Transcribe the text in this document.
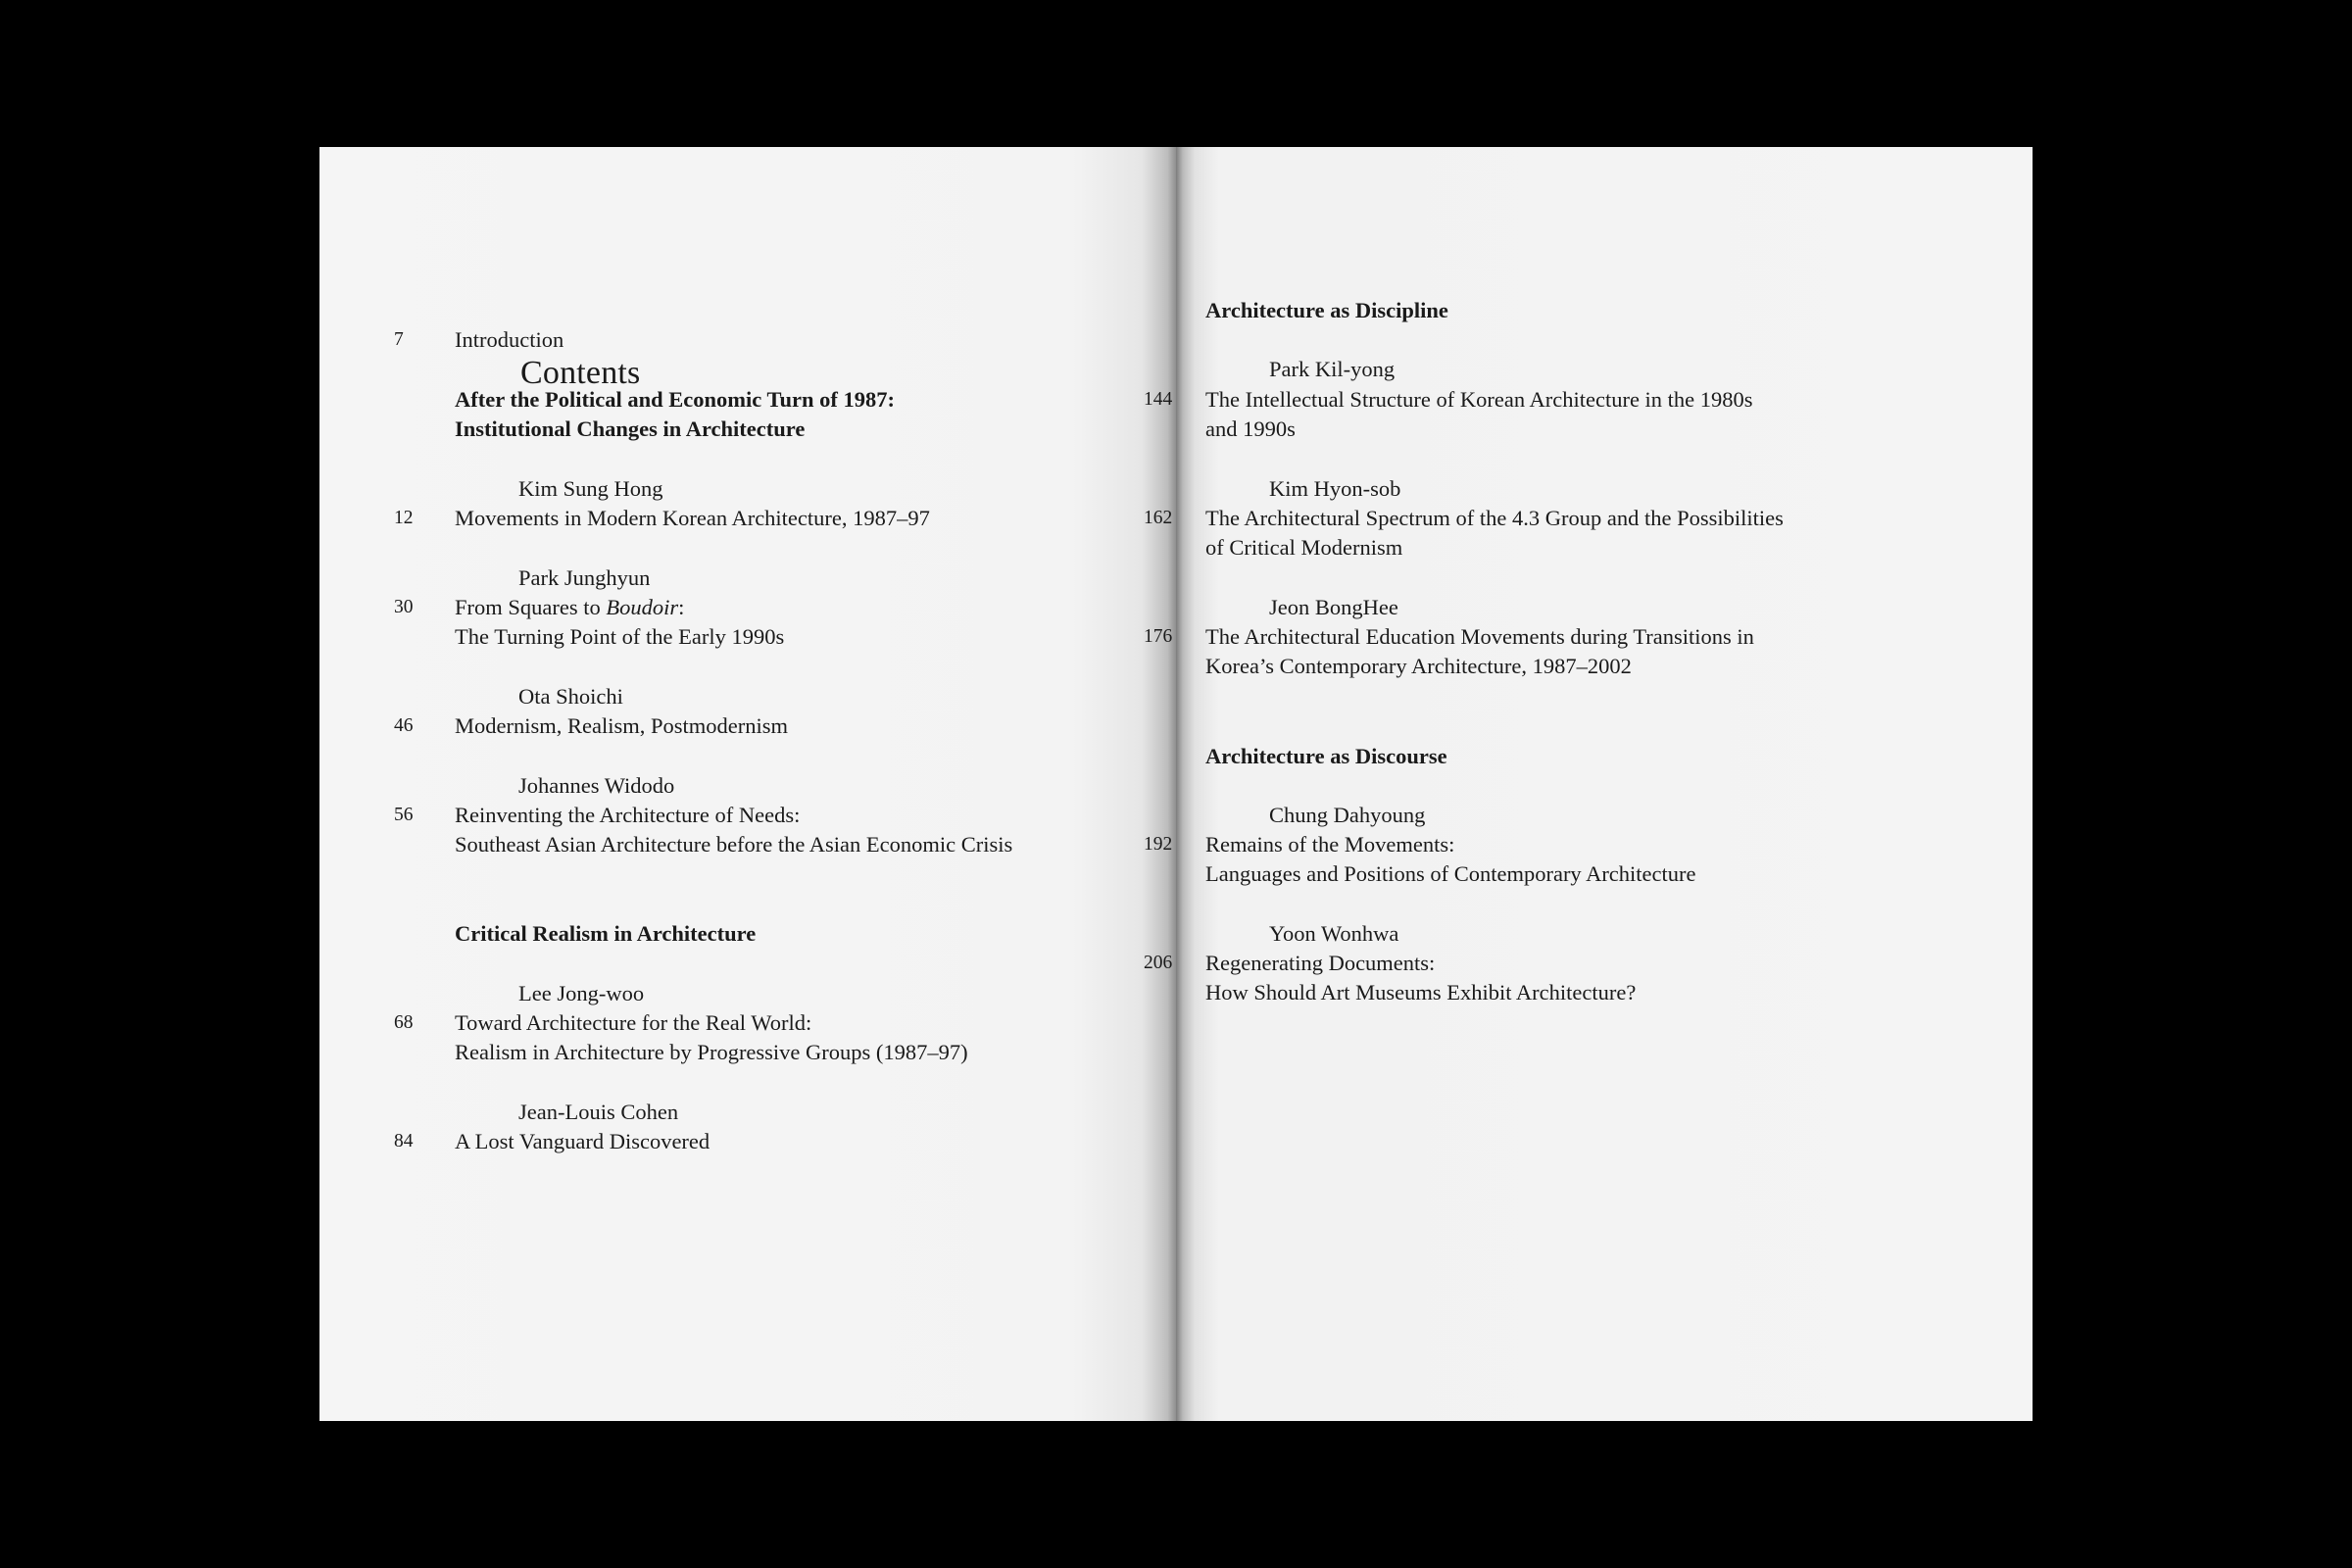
Contents
7 Introduction
After the Political and Economic Turn of 1987:
Institutional Changes in Architecture
Kim Sung Hong
12 Movements in Modern Korean Architecture, 1987–97
Park Junghyun
30 From Squares to Boudoir:
The Turning Point of the Early 1990s
Ota Shoichi
46 Modernism, Realism, Postmodernism
Johannes Widodo
56 Reinventing the Architecture of Needs:
Southeast Asian Architecture before the Asian Economic Crisis
Critical Realism in Architecture
Lee Jong-woo
68 Toward Architecture for the Real World:
Realism in Architecture by Progressive Groups (1987–97)
Jean-Louis Cohen
84 A Lost Vanguard Discovered
Architecture as Discipline
Park Kil-yong
144 The Intellectual Structure of Korean Architecture in the 1980s
and 1990s
Kim Hyon-sob
162 The Architectural Spectrum of the 4.3 Group and the Possibilities
of Critical Modernism
Jeon BongHee
176 The Architectural Education Movements during Transitions in
Korea’s Contemporary Architecture, 1987–2002
Architecture as Discourse
Chung Dahyoung
192 Remains of the Movements:
Languages and Positions of Contemporary Architecture
Yoon Wonhwa
206 Regenerating Documents:
How Should Art Museums Exhibit Architecture?
